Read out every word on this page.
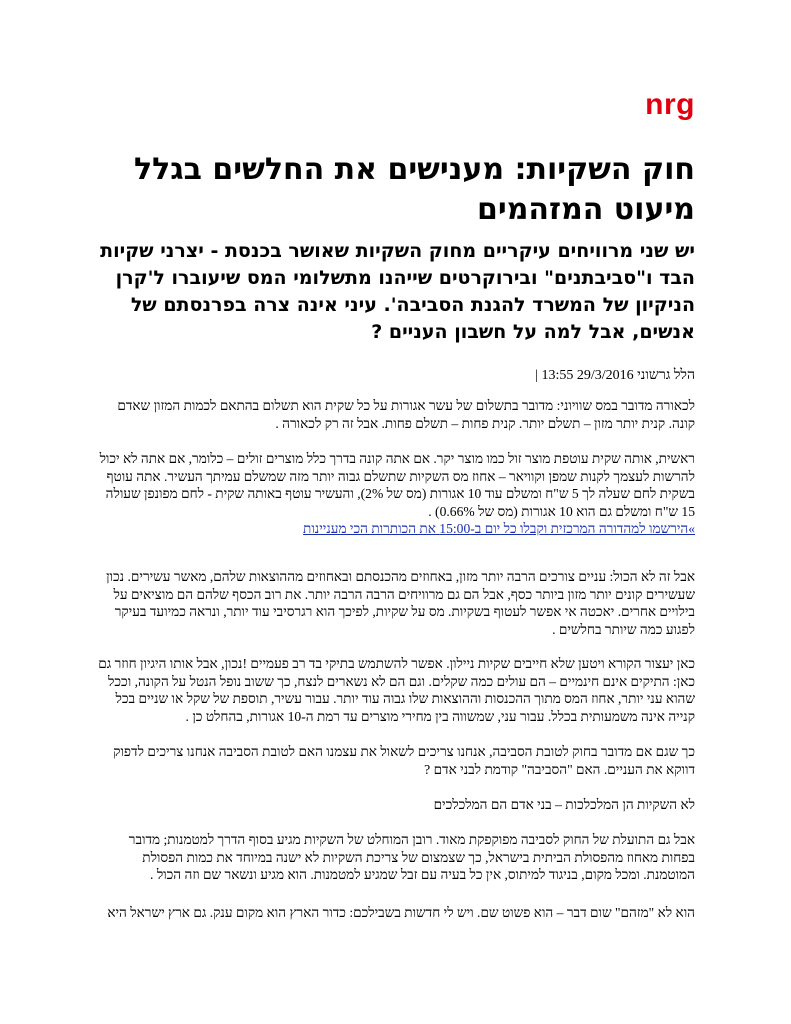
nrg
חוק השקיות: מענישים את החלשים בגלל מיעוט המזהמים
יש שני מרוויחים עיקריים מחוק השקיות שאושר בכנסת - יצרני שקיות הבד ו"סביבתנים" ובירוקרטים שייהנו מתשלומי המס שיעוברו ל'קרן הניקיון של המשרד להגנת הסביבה'. עיני אינה צרה בפרנסתם של אנשים, אבל למה על חשבון העניים ?
הלל גרשוני 29/3/2016 13:55 |

לכאורה מדובר במס שוויוני: מדובר בתשלום של עשר אגורות על כל שקית הוא תשלום בהתאם לכמות המזון שאדם קונה. קנית יותר מזון – תשלם יותר. קנית פחות – תשלם פחות. אבל זה רק לכאורה .

ראשית, אותה שקית עוטפת מוצר זול כמו מוצר יקר. אם אתה קונה בדרך כלל מוצרים זולים – כלומר, אם אתה לא יכול להרשות לעצמך לקנות שמפן וקוויאר – אחוז מס השקיות שתשלם גבוה יותר מזה שמשלם עמיתך העשיר. אתה עוטף בשקית לחם שעלה לך 5 ש"ח ומשלם עוד 10 אגורות (מס של 2%), והעשיר עוטף באותה שקית - לחם מפונפן שעולה 15 ש"ח ומשלם גם הוא 10 אגורות (מס של 0.66%) .

»הירשמו למהדורה המרכזית וקבלו כל יום ב-15:00 את הכותרות הכי מעניינות

אבל זה לא הכול: עניים צורכים הרבה יותר מזון, באחוזים מהכנסתם ובאחוזים מההוצאות שלהם, מאשר עשירים. נכון שעשירים קונים יותר מזון ביותר כסף, אבל הם גם מרוויחים הרבה הרבה יותר. את רוב הכסף שלהם הם מוציאים על בילויים אחרים. יאכטה אי אפשר לעטוף בשקיות. מס על שקיות, לפיכך הוא רגרסיבי עוד יותר, ונראה כמיועד בעיקר לפגוע כמה שיותר בחלשים .

כאן יעצור הקורא ויטען שלא חייבים שקיות ניילון. אפשר להשתמש בתיקי בד רב פעמיים !נכון, אבל אותו היגיון חוזר גם כאן: התיקים אינם חינמיים – הם עולים כמה שקלים. וגם הם לא נשארים לנצח, כך ששוב נופל הנטל על הקונה, וככל שהוא עני יותר, אחוז המס מתוך ההכנסות וההוצאות שלו גבוה עוד יותר. עבור עשיר, תוספת של שקל או שניים בכל קנייה אינה משמעותית בכלל. עבור עני, שמשווה בין מחירי מוצרים עד רמת ה-10 אגורות, בהחלט כן .

כך שגם אם מדובר בחוק לטובת הסביבה, אנחנו צריכים לשאול את עצמנו האם לטובת הסביבה אנחנו צריכים לדפוק דווקא את העניים. האם "הסביבה" קודמת לבני אדם ?

לא השקיות הן המלכלכות – בני אדם הם המלכלכים

אבל גם התועלת של החוק לסביבה מפוקפקת מאוד. רובן המוחלט של השקיות מגיע בסוף הדרך למטמנות; מדובר בפחות מאחוז מהפסולת הביתית בישראל, כך שצמצום של צריכת השקיות לא ישנה במיוחד את כמות הפסולת המוטמנת. ומכל מקום, בניגוד למיתוס, אין כל בעיה עם זבל שמגיע למטמנות. הוא מגיע ונשאר שם וזה הכול .

הוא לא "מזהם" שום דבר – הוא פשוט שם. ויש לי חדשות בשבילכם: כדור הארץ הוא מקום ענק. גם ארץ ישראל היא
